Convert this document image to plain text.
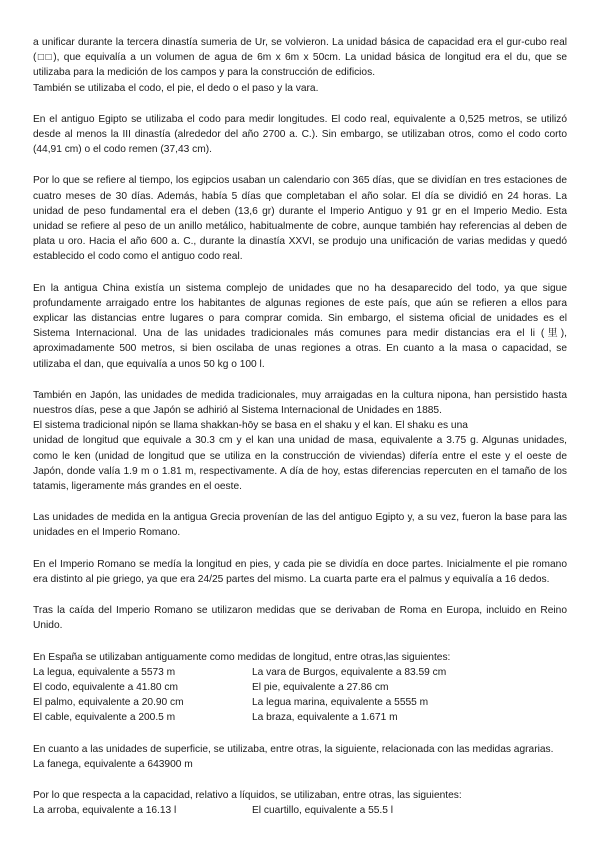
a unificar durante la tercera dinastía sumeria de Ur, se volvieron. La unidad básica de capacidad era el gur-cubo real (□□), que equivalía a un volumen de agua de 6m x 6m x 50cm. La unidad básica de longitud era el du, que se utilizaba para la medición de los campos y para la construcción de edificios.
También se utilizaba el codo, el pie, el dedo o el paso y la vara.
En el antiguo Egipto se utilizaba el codo para medir longitudes. El codo real, equivalente a 0,525 metros, se utilizó desde al menos la III dinastía (alrededor del año 2700 a. C.). Sin embargo, se utilizaban otros, como el codo corto (44,91 cm) o el codo remen (37,43 cm).
Por lo que se refiere al tiempo, los egipcios usaban un calendario con 365 días, que se dividían en tres estaciones de cuatro meses de 30 días. Además, había 5 días que completaban el año solar. El día se dividió en 24 horas. La unidad de peso fundamental era el deben (13,6 gr) durante el Imperio Antiguo y 91 gr en el Imperio Medio. Esta unidad se refiere al peso de un anillo metálico, habitualmente de cobre, aunque también hay referencias al deben de plata u oro. Hacia el año 600 a. C., durante la dinastía XXVI, se produjo una unificación de varias medidas y quedó establecido el codo como el antiguo codo real.
En la antigua China existía un sistema complejo de unidades que no ha desaparecido del todo, ya que sigue profundamente arraigado entre los habitantes de algunas regiones de este país, que aún se refieren a ellos para explicar las distancias entre lugares o para comprar comida. Sin embargo, el sistema oficial de unidades es el Sistema Internacional. Una de las unidades tradicionales más comunes para medir distancias era el li (里), aproximadamente 500 metros, si bien oscilaba de unas regiones a otras. En cuanto a la masa o capacidad, se utilizaba el dan, que equivalía a unos 50 kg o 100 l.
También en Japón, las unidades de medida tradicionales, muy arraigadas en la cultura nipona, han persistido hasta nuestros días, pese a que Japón se adhirió al Sistema Internacional de Unidades en 1885.
El sistema tradicional nipón se llama shakkan-hōy se basa en el shaku y el kan. El shaku es una
unidad de longitud que equivale a 30.3 cm y el kan una unidad de masa, equivalente a 3.75 g. Algunas unidades, como le ken (unidad de longitud que se utiliza en la construcción de viviendas) difería entre el este y el oeste de Japón, donde valía 1.9 m o 1.81 m, respectivamente. A día de hoy, estas diferencias repercuten en el tamaño de los tatamis, ligeramente más grandes en el oeste.
Las unidades de medida en la antigua Grecia provenían de las del antiguo Egipto y, a su vez, fueron la base para las unidades en el Imperio Romano.
En el Imperio Romano se medía la longitud en pies, y cada pie se dividía en doce partes. Inicialmente el pie romano era distinto al pie griego, ya que era 24/25 partes del mismo. La cuarta parte era el palmus y equivalía a 16 dedos.
Tras la caída del Imperio Romano se utilizaron medidas que se derivaban de Roma en Europa, incluido en Reino Unido.
En España se utilizaban antiguamente como medidas de longitud, entre otras,las siguientes:
La legua, equivalente a 5573 m	La vara de Burgos, equivalente a 83.59 cm
El codo, equivalente a 41.80 cm	El pie, equivalente a 27.86 cm
El palmo, equivalente a 20.90 cm	La legua marina, equivalente a 5555 m
El cable, equivalente a 200.5 m	La braza, equivalente a 1.671 m
En cuanto a las unidades de superficie, se utilizaba, entre otras, la siguiente, relacionada con las medidas agrarias.
La fanega, equivalente a 643900 m
Por lo que respecta a la capacidad, relativo a líquidos, se utilizaban, entre otras, las siguientes:
La arroba, equivalente a 16.13 l	El cuartillo, equivalente a 55.5 l
